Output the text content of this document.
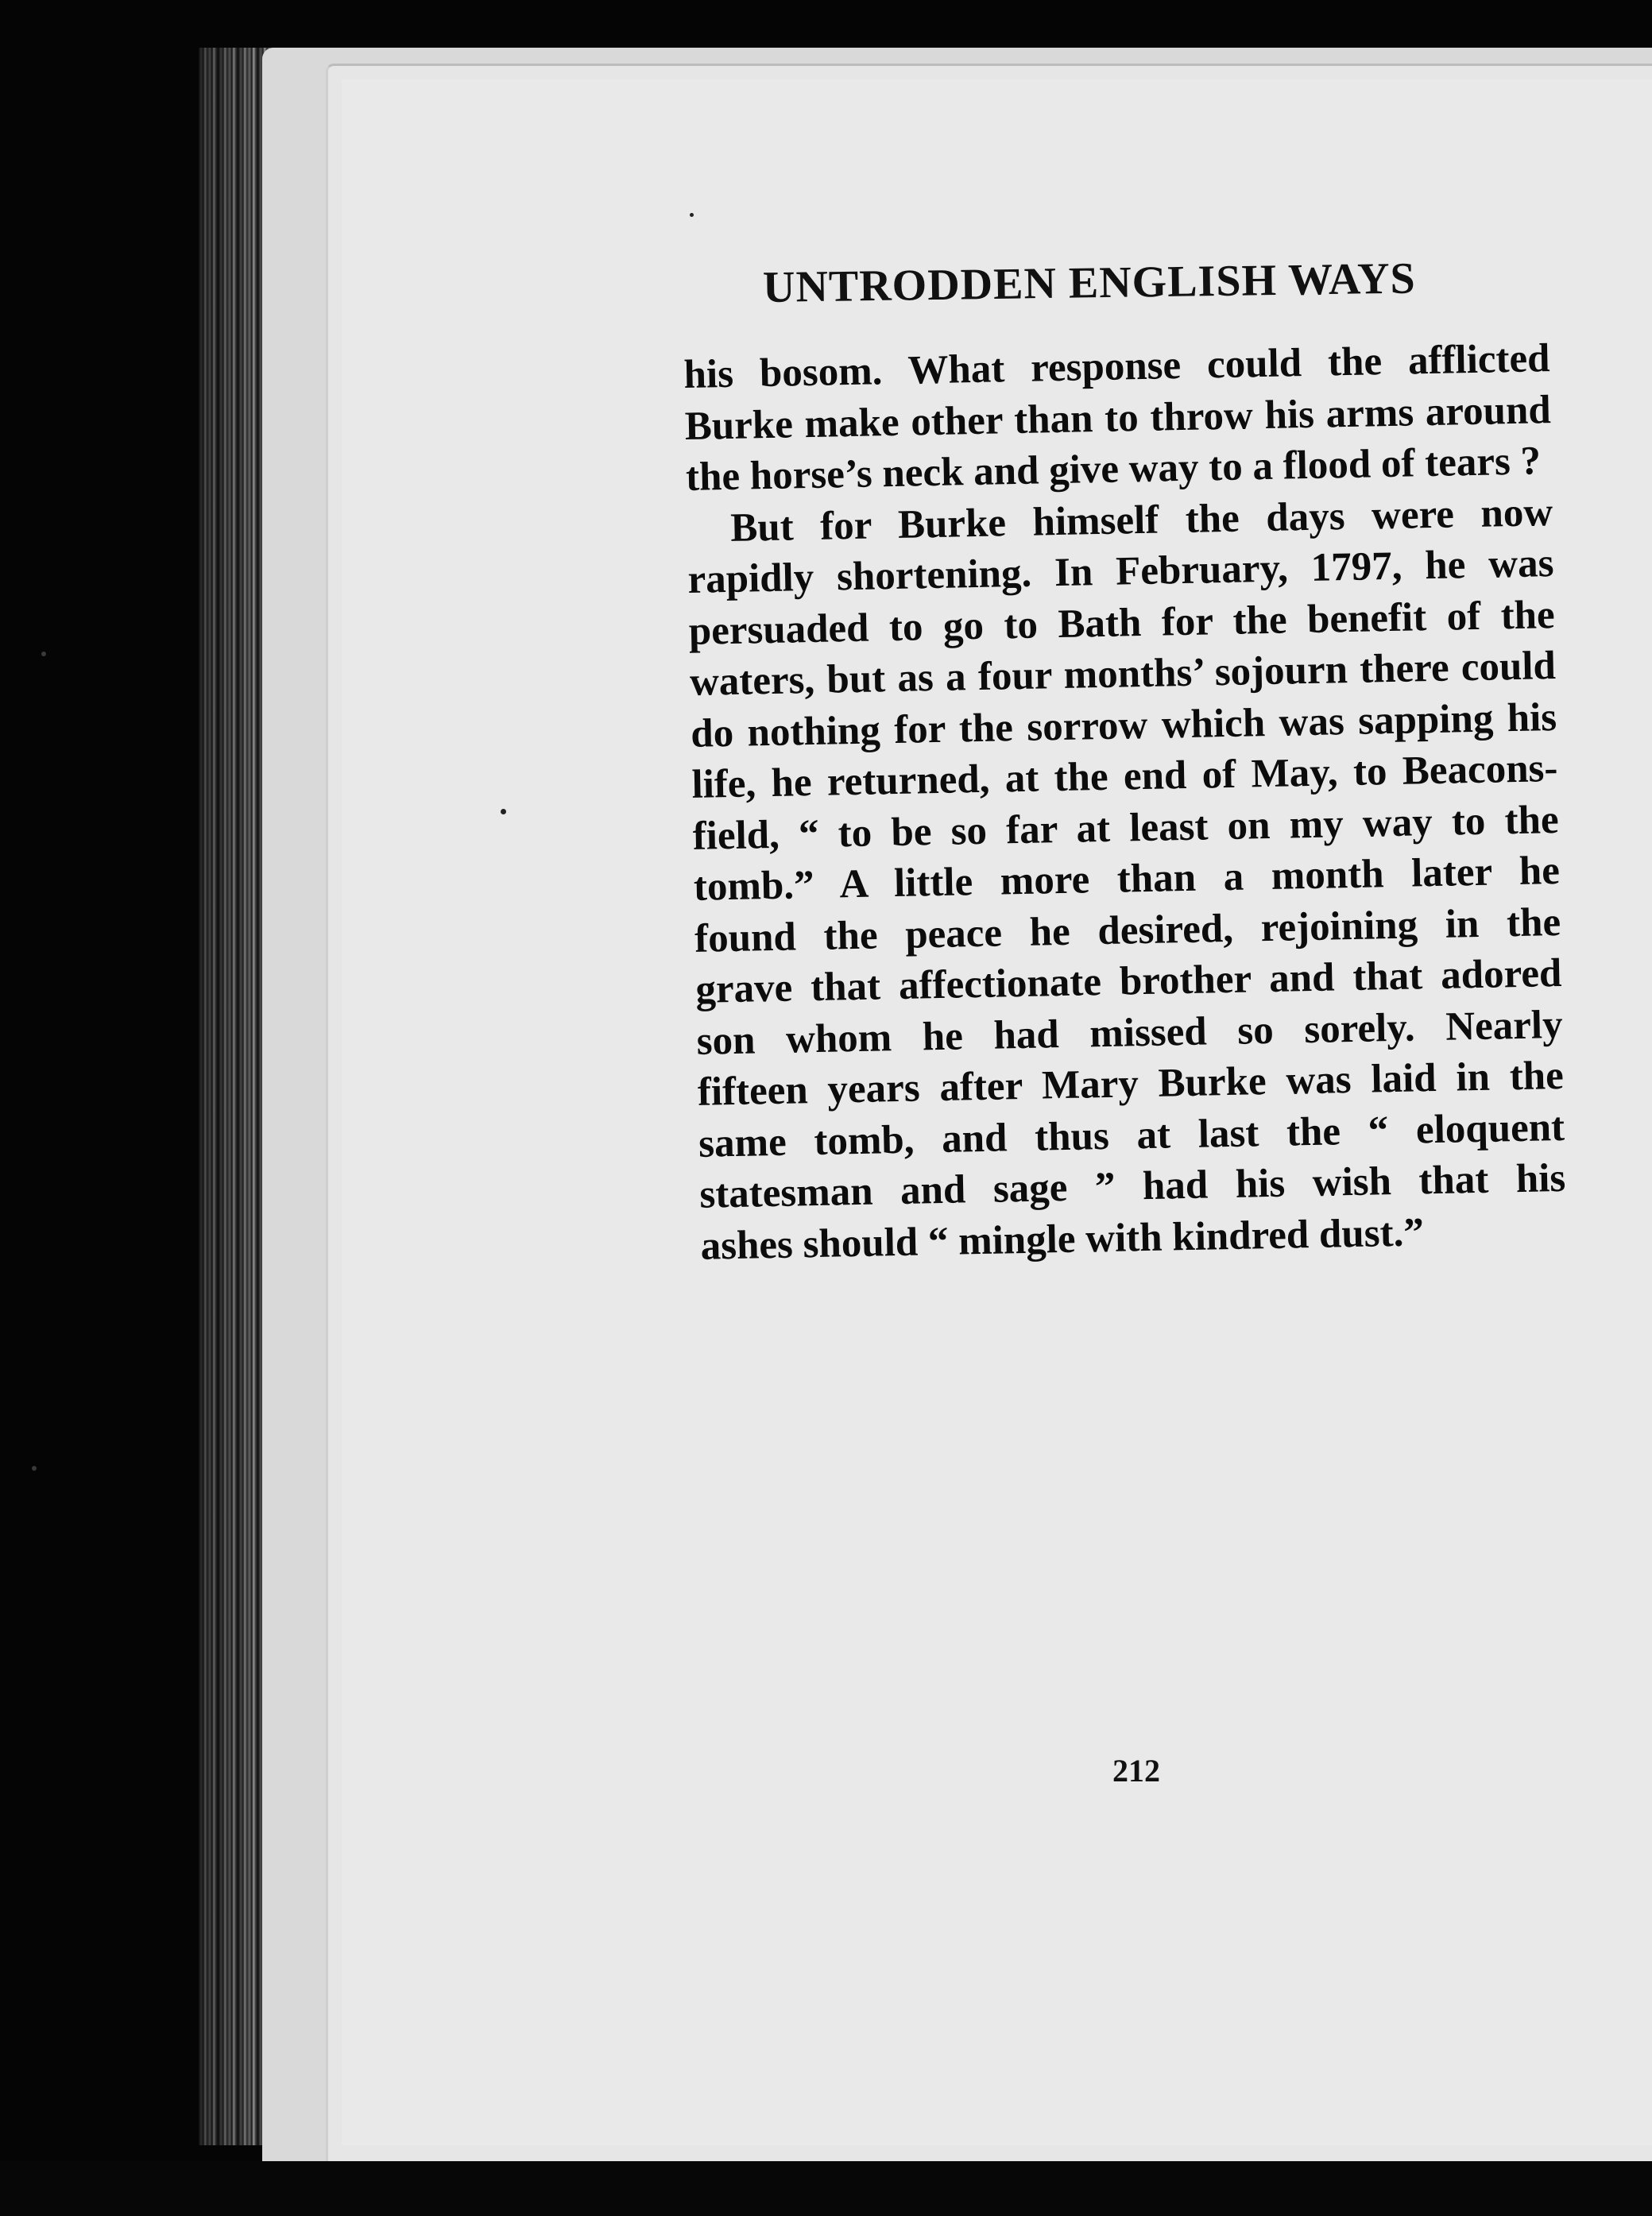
UNTRODDEN ENGLISH WAYS
his bosom. What response could the afflicted
Burke make other than to throw his arms around
the horse’s neck and give way to a flood of tears ?
But for Burke himself the days were now
rapidly shortening. In February, 1797, he was
persuaded to go to Bath for the benefit of the
waters, but as a four months’ sojourn there could
do nothing for the sorrow which was sapping his
life, he returned, at the end of May, to Beacons-
field, “ to be so far at least on my way to the
tomb.” A little more than a month later he
found the peace he desired, rejoining in the
grave that affectionate brother and that adored
son whom he had missed so sorely. Nearly
fifteen years after Mary Burke was laid in the
same tomb, and thus at last the “ eloquent
statesman and sage ” had his wish that his
ashes should “ mingle with kindred dust.”
212
